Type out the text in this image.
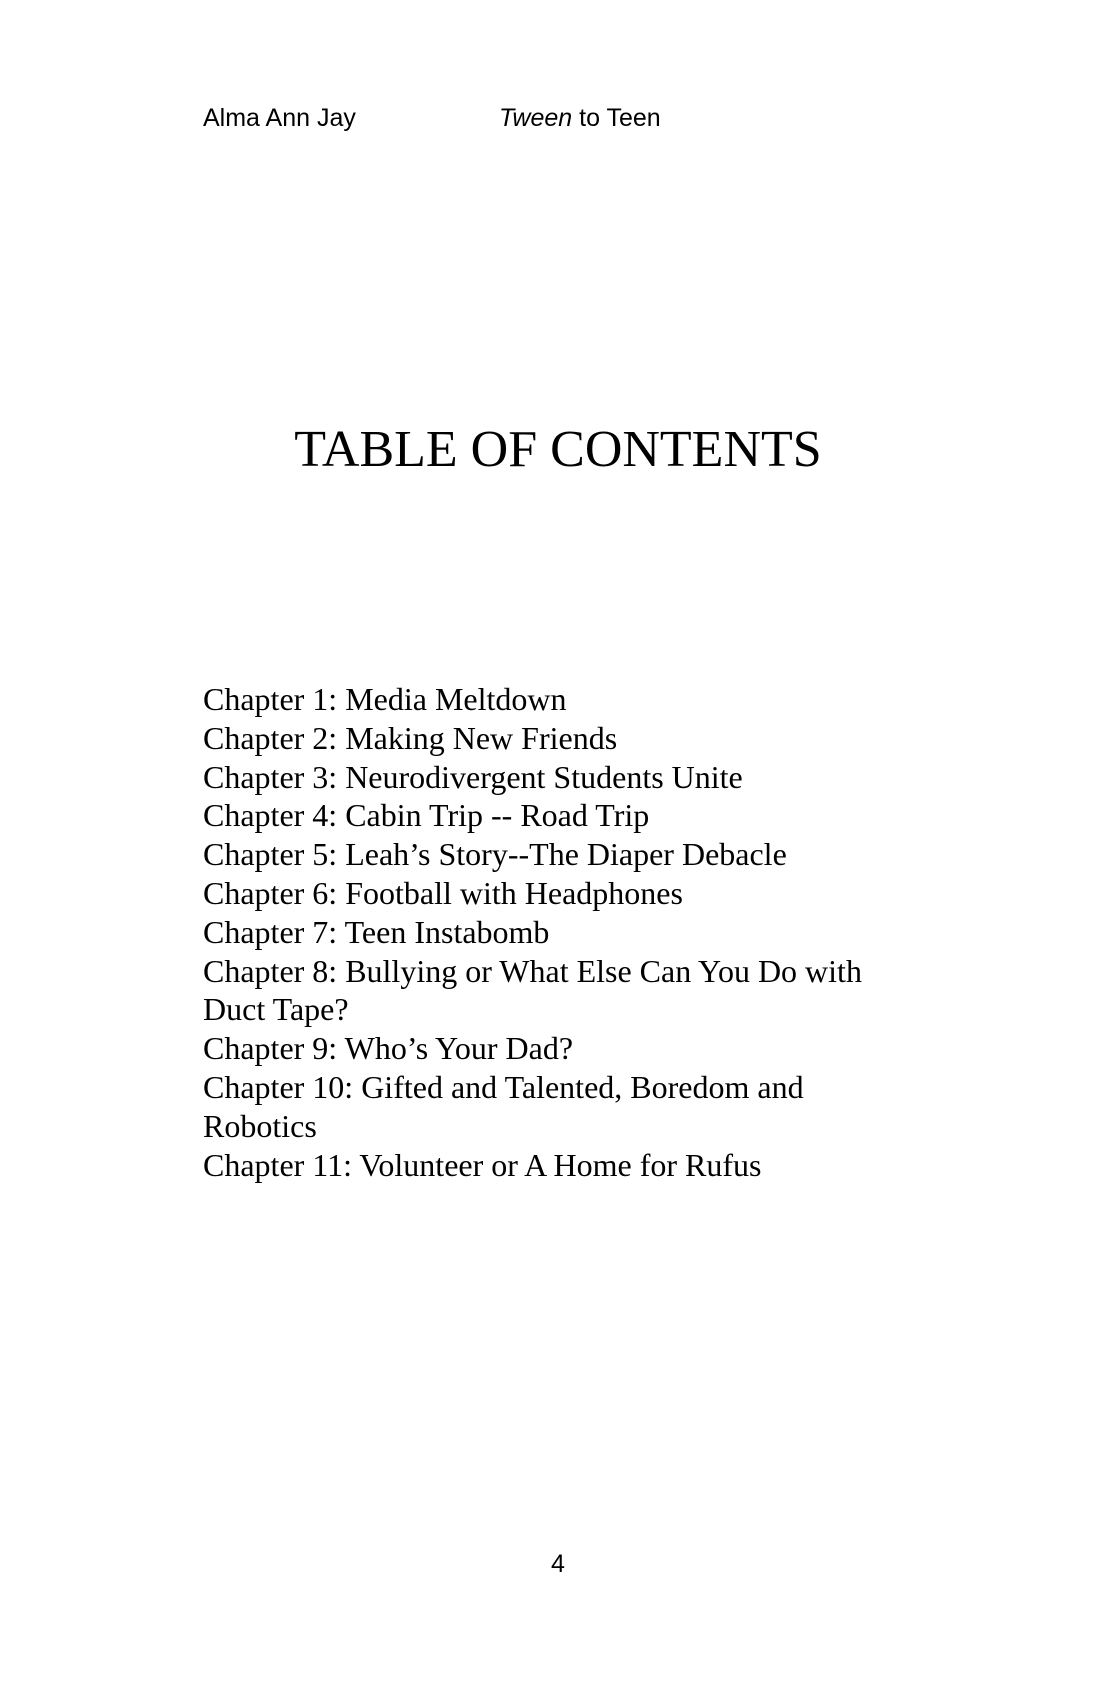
Alma Ann Jay	Tween to Teen
TABLE OF CONTENTS
Chapter 1: Media Meltdown
Chapter 2: Making New Friends
Chapter 3: Neurodivergent Students Unite
Chapter 4: Cabin Trip -- Road Trip
Chapter 5: Leah’s Story--The Diaper Debacle
Chapter 6: Football with Headphones
Chapter 7: Teen Instabomb
Chapter 8: Bullying or What Else Can You Do with Duct Tape?
Chapter 9: Who’s Your Dad?
Chapter 10: Gifted and Talented, Boredom and Robotics
Chapter 11: Volunteer or A Home for Rufus
4
